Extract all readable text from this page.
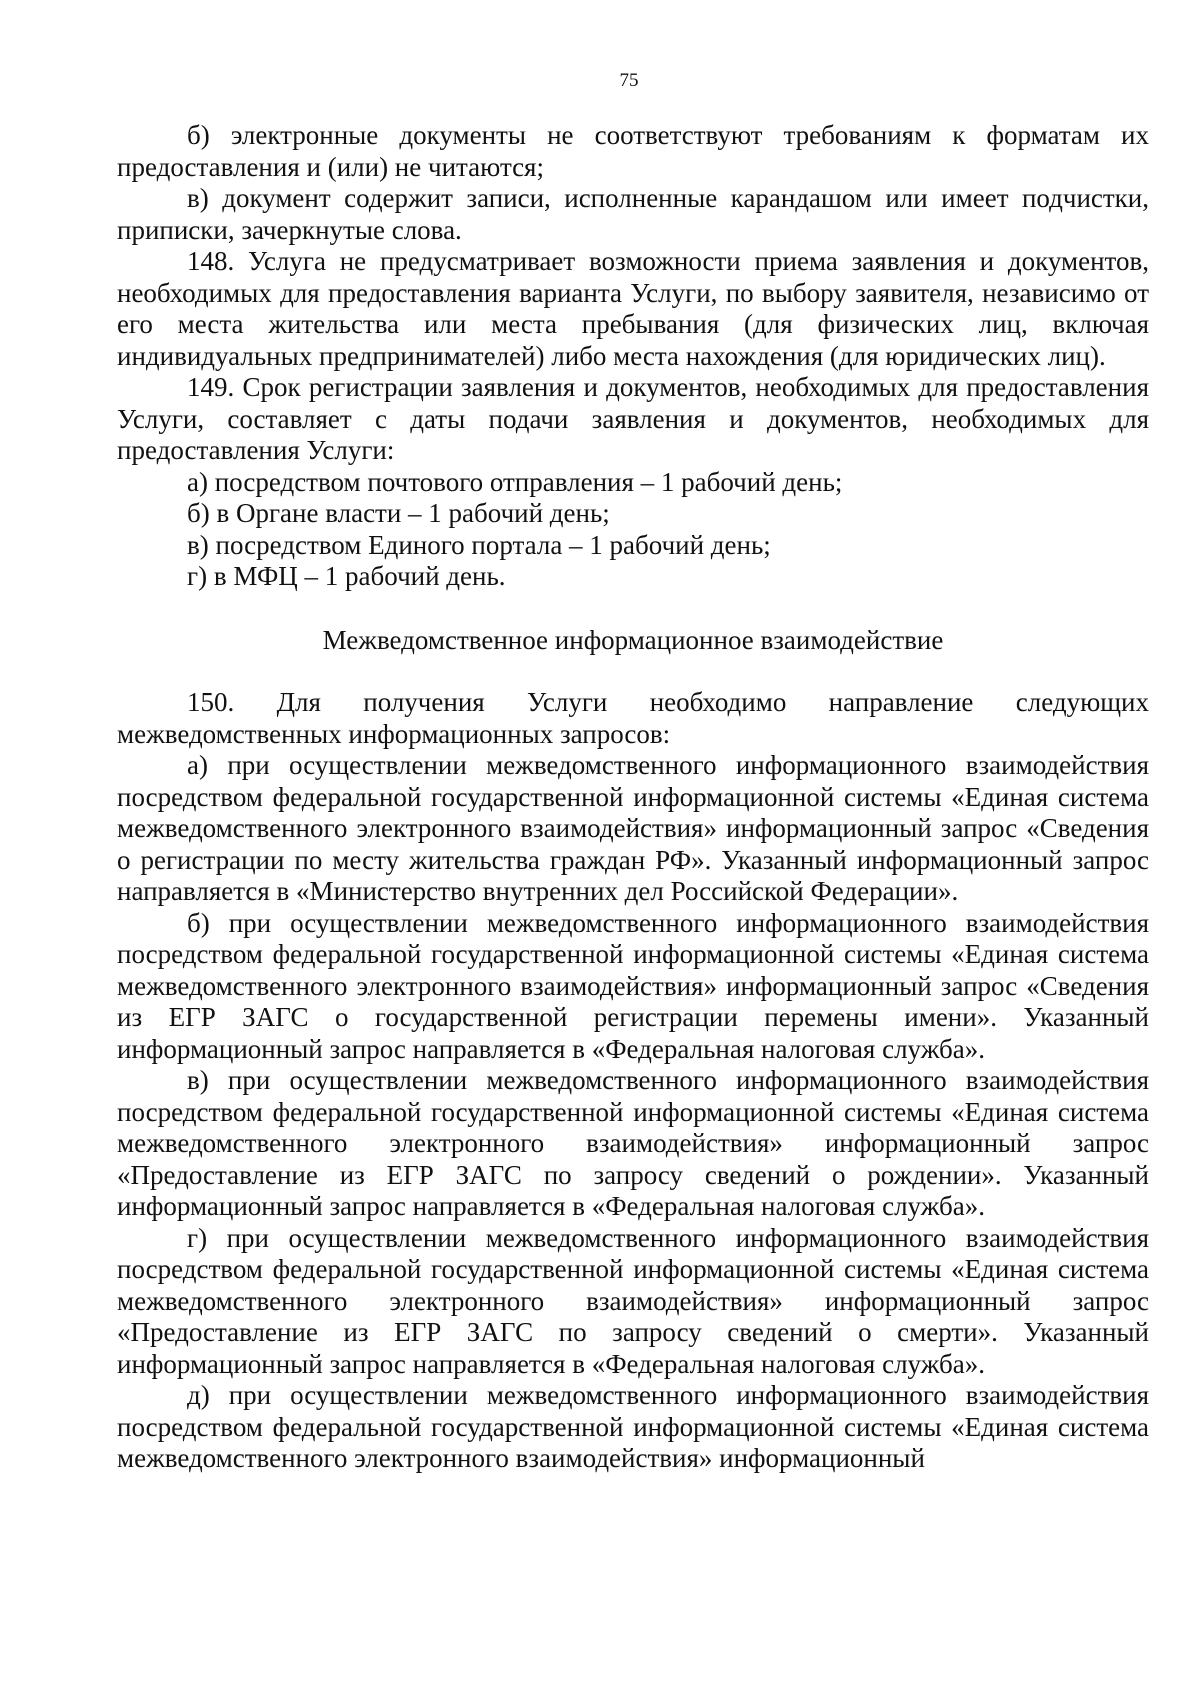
75

б) электронные документы не соответствуют требованиям к форматам их предоставления и (или) не читаются;

в) документ содержит записи, исполненные карандашом или имеет подчистки, приписки, зачеркнутые слова.

148. Услуга не предусматривает возможности приема заявления и документов, необходимых для предоставления варианта Услуги, по выбору заявителя, независимо от его места жительства или места пребывания (для физических лиц, включая индивидуальных предпринимателей) либо места нахождения (для юридических лиц).

149. Срок регистрации заявления и документов, необходимых для предоставления Услуги, составляет с даты подачи заявления и документов, необходимых для предоставления Услуги:

а) посредством почтового отправления – 1 рабочий день;

б) в Органе власти – 1 рабочий день;

в) посредством Единого портала – 1 рабочий день;

г) в МФЦ – 1 рабочий день.

Межведомственное информационное взаимодействие

150. Для получения Услуги необходимо направление следующих межведомственных информационных запросов:

а) при осуществлении межведомственного информационного взаимодействия посредством федеральной государственной информационной системы «Единая система межведомственного электронного взаимодействия» информационный запрос «Сведения о регистрации по месту жительства граждан РФ». Указанный информационный запрос направляется в «Министерство внутренних дел Российской Федерации».

б) при осуществлении межведомственного информационного взаимодействия посредством федеральной государственной информационной системы «Единая система межведомственного электронного взаимодействия» информационный запрос «Сведения из ЕГР ЗАГС о государственной регистрации перемены имени». Указанный информационный запрос направляется в «Федеральная налоговая служба».

в) при осуществлении межведомственного информационного взаимодействия посредством федеральной государственной информационной системы «Единая система межведомственного электронного взаимодействия» информационный запрос «Предоставление из ЕГР ЗАГС по запросу сведений о рождении». Указанный информационный запрос направляется в «Федеральная налоговая служба».

г) при осуществлении межведомственного информационного взаимодействия посредством федеральной государственной информационной системы «Единая система межведомственного электронного взаимодействия» информационный запрос «Предоставление из ЕГР ЗАГС по запросу сведений о смерти». Указанный информационный запрос направляется в «Федеральная налоговая служба».

д) при осуществлении межведомственного информационного взаимодействия посредством федеральной государственной информационной системы «Единая система межведомственного электронного взаимодействия» информационный
